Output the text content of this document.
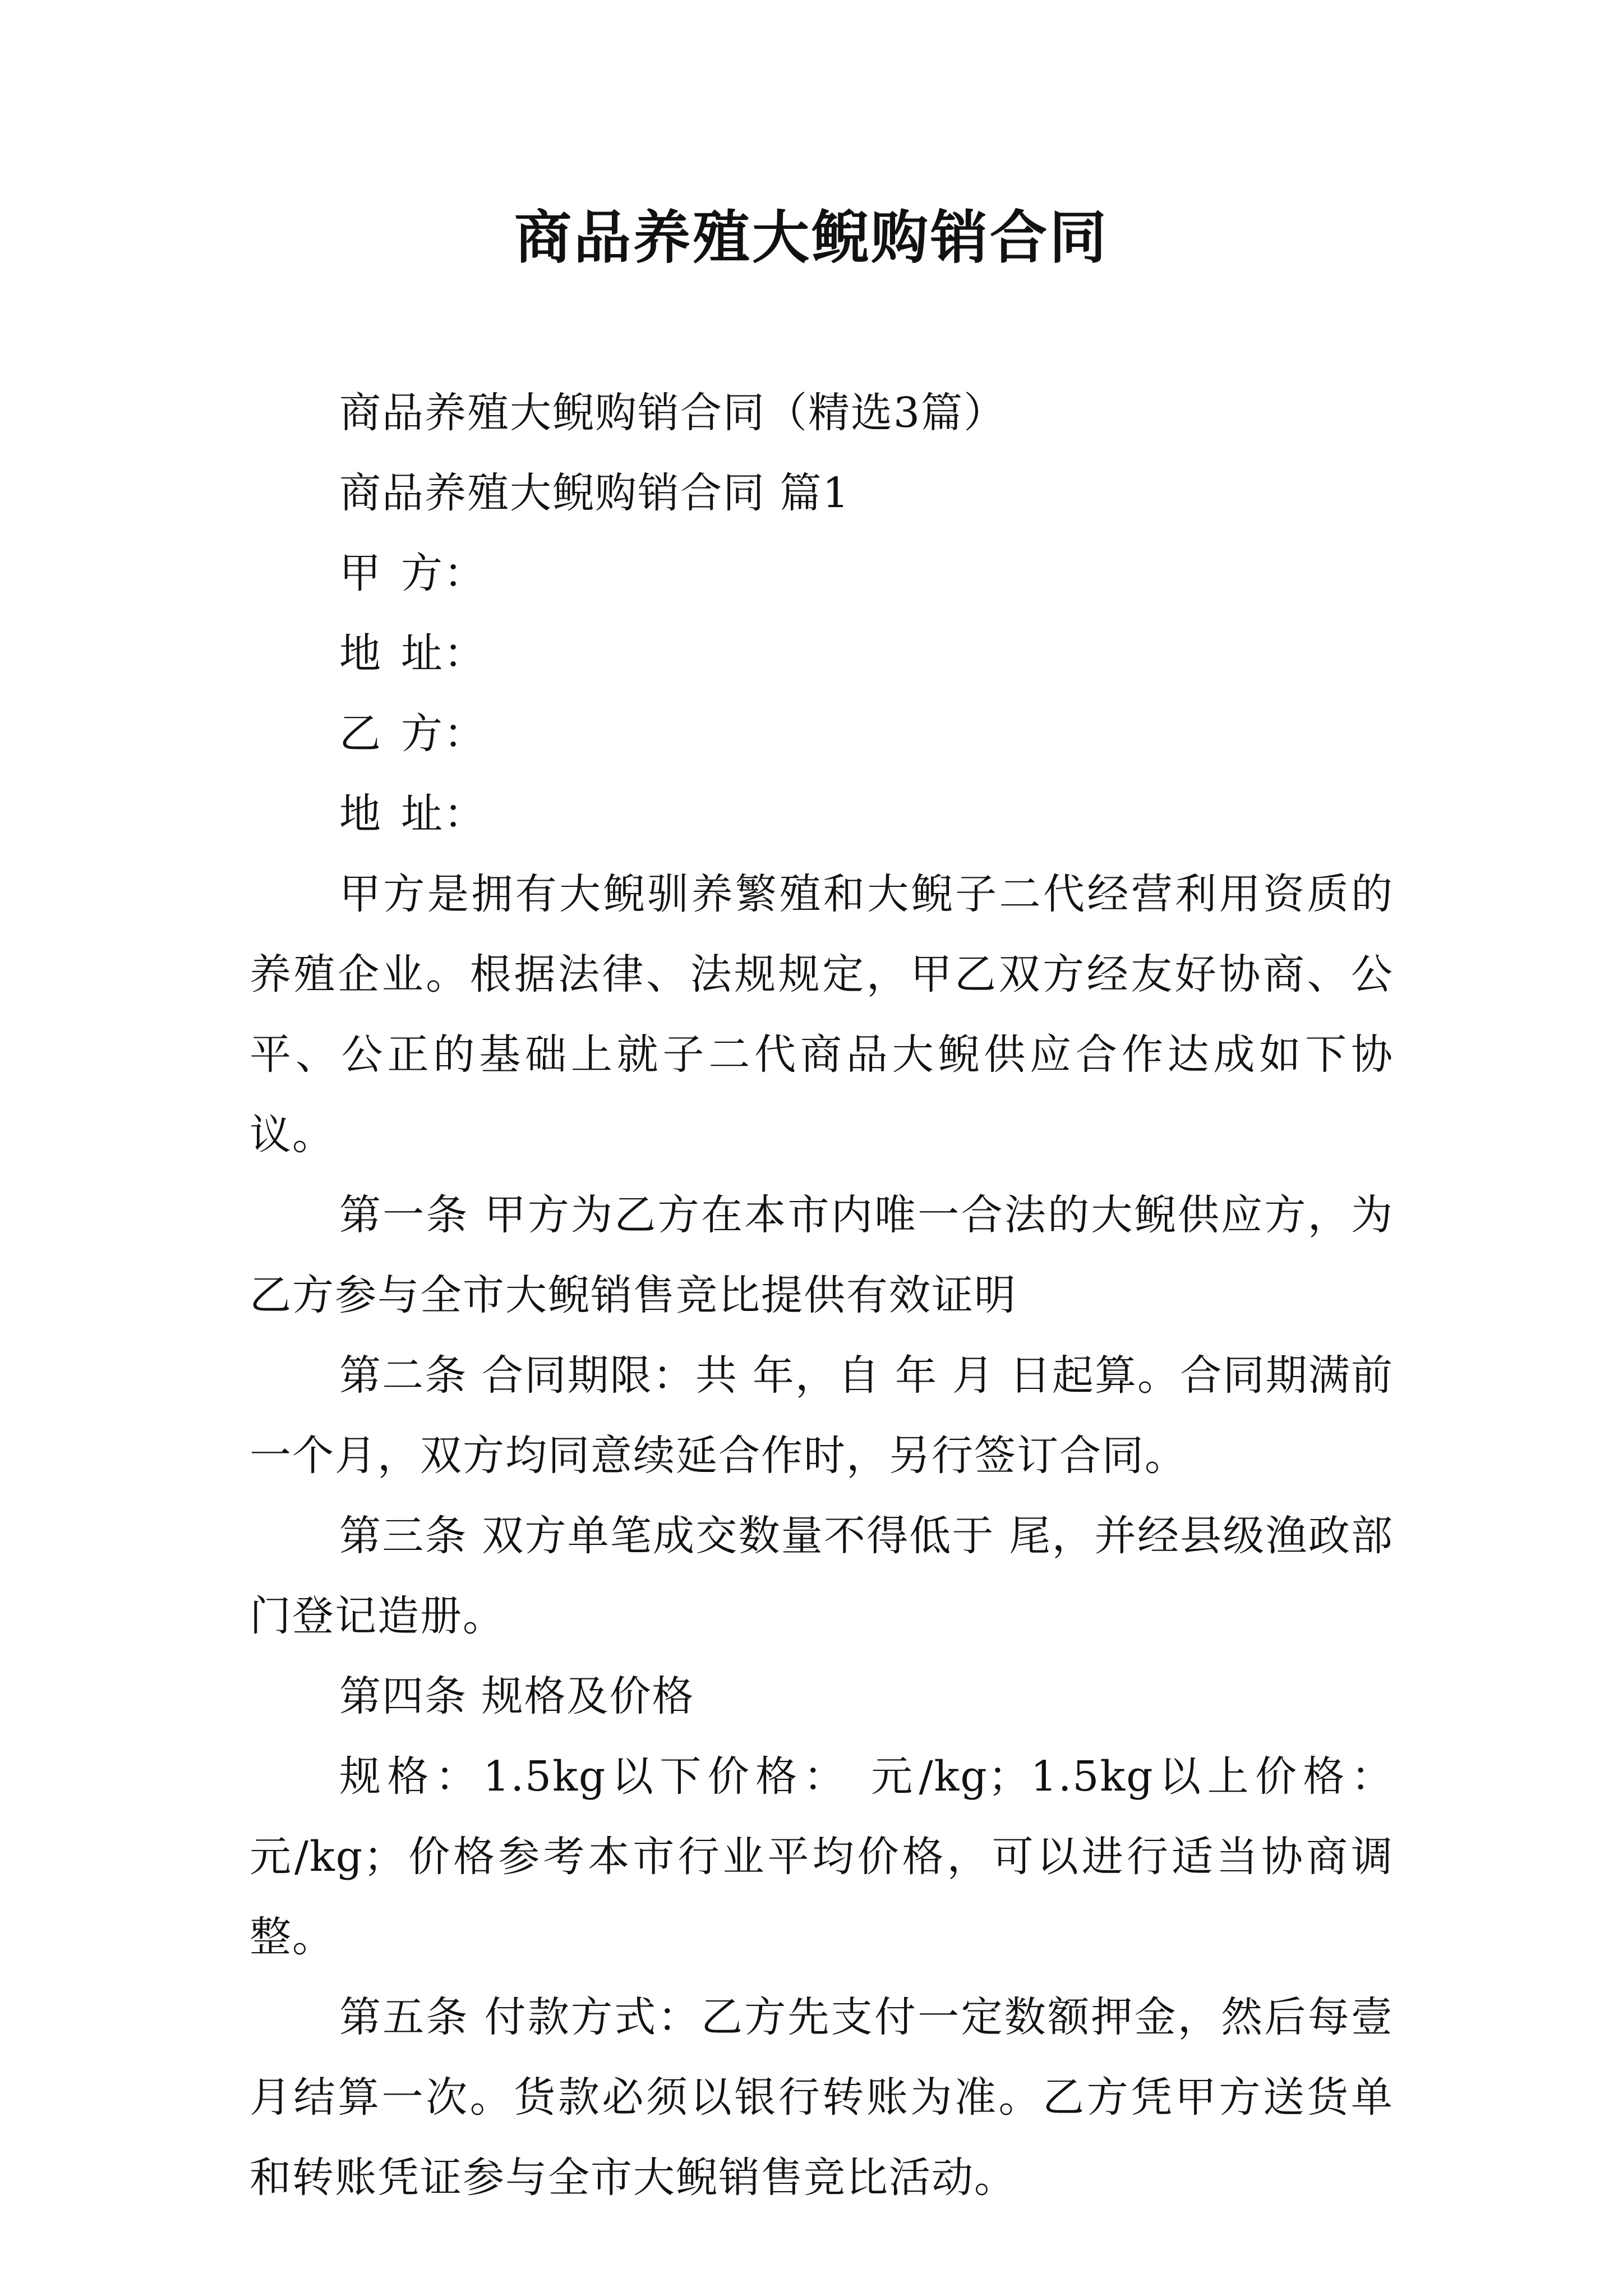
商品养殖大鲵购销合同

商品养殖大鲵购销合同（精选3篇）

商品养殖大鲵购销合同 篇1

甲 方：
地 址：
乙 方：
地 址：

甲方是拥有大鲵驯养繁殖和大鲵子二代经营利用资质的养殖企业。根据法律、法规规定，甲乙双方经友好协商、公平、公正的基础上就子二代商品大鲵供应合作达成如下协议。

第一条 甲方为乙方在本市内唯一合法的大鲵供应方，为乙方参与全市大鲵销售竞比提供有效证明

第二条 合同期限：共 年，自 年 月 日起算。合同期满前一个月，双方均同意续延合作时，另行签订合同。

第三条 双方单笔成交数量不得低于 尾，并经县级渔政部门登记造册。

第四条 规格及价格

规格：1.5kg以下价格： 元/kg；1.5kg以上价格： 元/kg；价格参考本市行业平均价格，可以进行适当协商调整。

第五条 付款方式：乙方先支付一定数额押金，然后每壹月结算一次。货款必须以银行转账为准。乙方凭甲方送货单和转账凭证参与全市大鲵销售竞比活动。
